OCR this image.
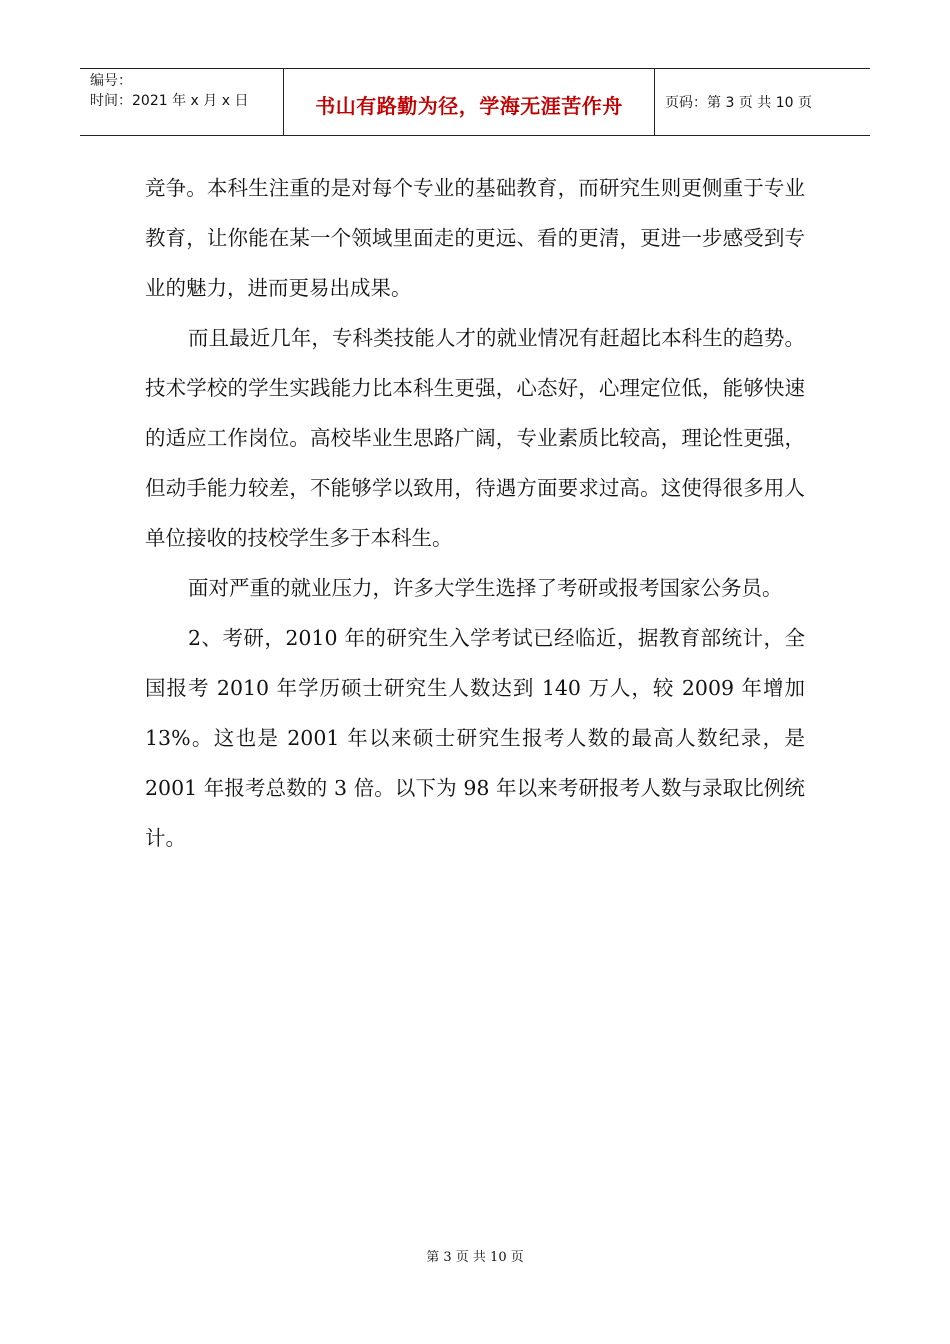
编号：
时间：2021 年 x 月 x 日	书山有路勤为径，学海无涯苦作舟	页码：第 3 页 共 10 页

竞争。本科生注重的是对每个专业的基础教育，而研究生则更侧重于专业教育，让你能在某一个领域里面走的更远、看的更清，更进一步感受到专业的魅力，进而更易出成果。

而且最近几年，专科类技能人才的就业情况有赶超比本科生的趋势。技术学校的学生实践能力比本科生更强，心态好，心理定位低，能够快速的适应工作岗位。高校毕业生思路广阔，专业素质比较高，理论性更强，但动手能力较差，不能够学以致用，待遇方面要求过高。这使得很多用人单位接收的技校学生多于本科生。

面对严重的就业压力，许多大学生选择了考研或报考国家公务员。

2、考研，2010 年的研究生入学考试已经临近，据教育部统计，全国报考 2010 年学历硕士研究生人数达到 140 万人，较 2009 年增加 13%。这也是 2001 年以来硕士研究生报考人数的最高人数纪录，是 2001 年报考总数的 3 倍。以下为 98 年以来考研报考人数与录取比例统计。

第 3 页 共 10 页
